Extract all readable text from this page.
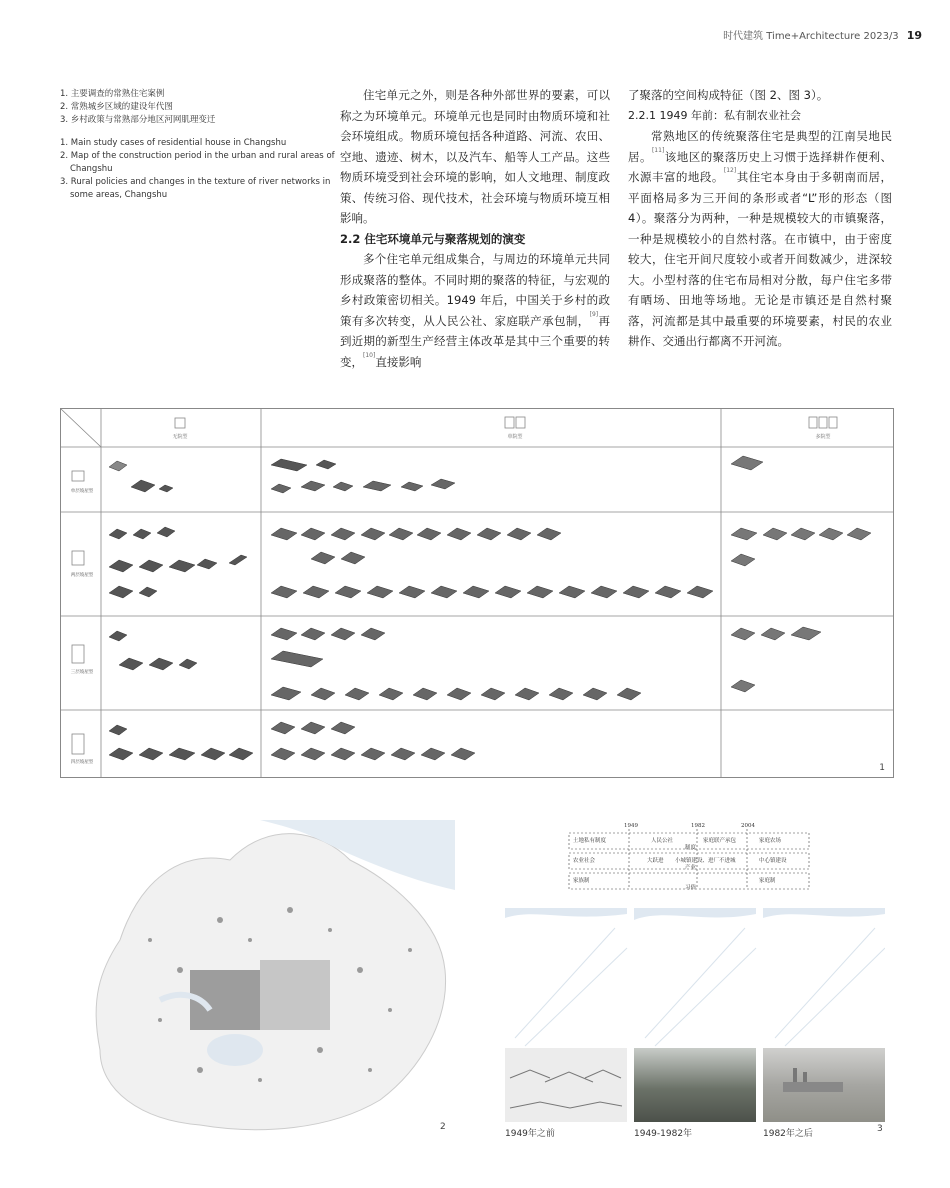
时代建筑 Time+Architecture 2023/3 19
1. 主要调查的常熟住宅案例
2. 常熟城乡区域的建设年代图
3. 乡村政策与常熟部分地区河网肌理变迁
1. Main study cases of residential house in Changshu
2. Map of the construction period in the urban and rural areas of Changshu
3. Rural policies and changes in the texture of river networks in some areas, Changshu

住宅单元之外，则是各种外部世界的要素，可以称之为环境单元。环境单元也是同时由物质环境和社会环境组成。物质环境包括各种道路、河流、农田、空地、遗迹、树木，以及汽车、船等人工产品。这些物质环境受到社会环境的影响，如人文地理、制度政策、传统习俗、现代技术，社会环境与物质环境互相影响。

2.2 住宅环境单元与聚落规划的演变

多个住宅单元组成集合，与周边的环境单元共同形成聚落的整体。不同时期的聚落的特征，与宏观的乡村政策密切相关。1949 年后，中国关于乡村的政策有多次转变，从人民公社、家庭联产承包制，[9]再到近期的新型生产经营主体改革是其中三个重要的转变，[10]直接影响

了聚落的空间构成特征（图 2、图 3）。
2.2.1 1949 年前：私有制农业社会

常熟地区的传统聚落住宅是典型的江南吴地民居。[11]该地区的聚落历史上习惯于选择耕作便利、水源丰富的地段。[12]其住宅本身由于多朝南而居，平面格局多为三开间的条形或者“L”形的形态（图 4）。聚落分为两种，一种是规模较大的市镇聚落，一种是规模较小的自然村落。在市镇中，由于密度较大，住宅开间尺度较小或者开间数减少，进深较大。小型村落的住宅布局相对分散，每户住宅多带有晒场、田地等场地。无论是市镇还是自然村聚落，河流都是其中最重要的环境要素，村民的农业耕作、交通出行都离不开河流。

无院型	单院型	多院型
单层坡屋型
两层坡屋型
三层坡屋型
四层坡屋型
1
2
1949	1982	2004
土地私有制度	人民公社	家庭联产承包	家庭农场
制度
农业社会	大跃进 小城镇建设、进厂不进城	中心镇建设
产业
家族制	家庭制
习俗
1949年之前	1949-1982年	1982年之后	3
